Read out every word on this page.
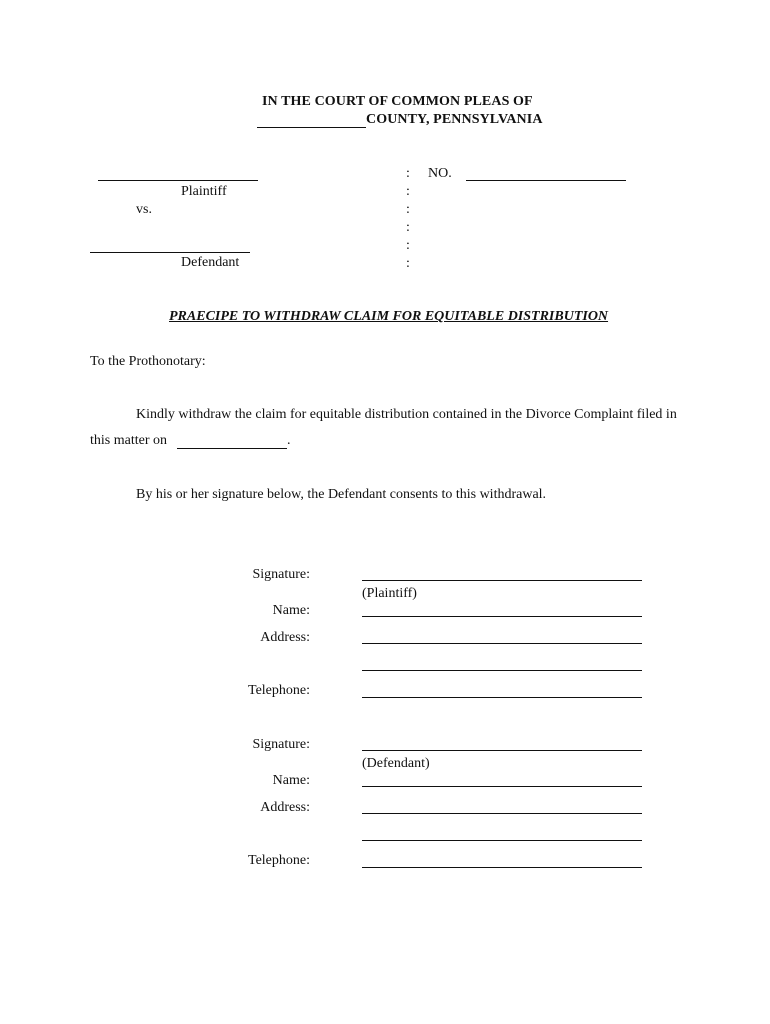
IN THE COURT OF COMMON PLEAS OF
COUNTY, PENNSYLVANIA
Plaintiff
vs.
Defendant
:
:
:
:
:
:
NO.
PRAECIPE TO WITHDRAW CLAIM FOR EQUITABLE DISTRIBUTION
To the Prothonotary:
Kindly withdraw the claim for equitable distribution contained in the Divorce Complaint filed in
this matter on	.
By his or her signature below, the Defendant consents to this withdrawal.
Signature:
(Plaintiff)
Name:
Address:
Telephone:
Signature:
(Defendant)
Name:
Address:
Telephone:
